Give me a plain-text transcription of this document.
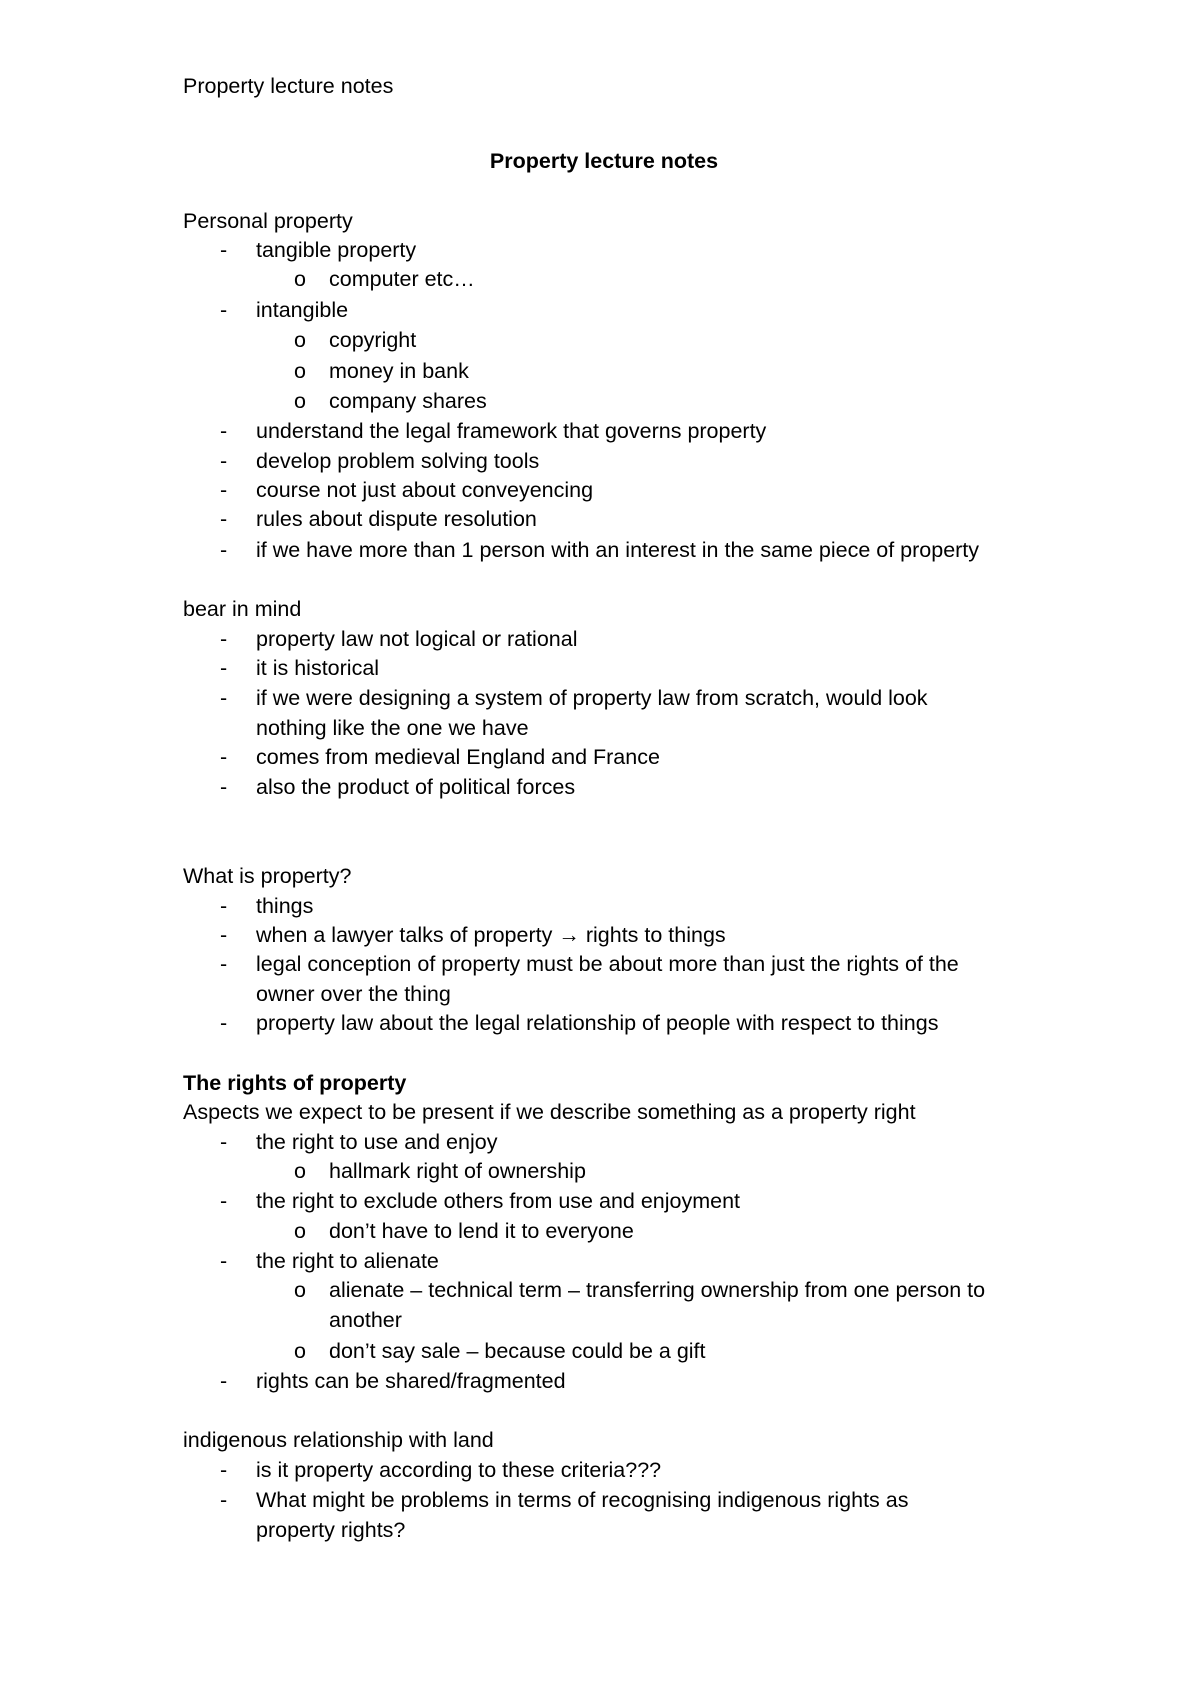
Property lecture notes
Property lecture notes
Personal property
- tangible property
o computer etc…
- intangible
o copyright
o money in bank
o company shares
- understand the legal framework that governs property
- develop problem solving tools
- course not just about conveyencing
- rules about dispute resolution
- if we have more than 1 person with an interest in the same piece of property
bear in mind
- property law not logical or rational
- it is historical
- if we were designing a system of property law from scratch, would look
nothing like the one we have
- comes from medieval England and France
- also the product of political forces
What is property?
- things
- when a lawyer talks of property → rights to things
- legal conception of property must be about more than just the rights of the
owner over the thing
- property law about the legal relationship of people with respect to things
The rights of property
Aspects we expect to be present if we describe something as a property right
- the right to use and enjoy
o hallmark right of ownership
- the right to exclude others from use and enjoyment
o don’t have to lend it to everyone
- the right to alienate
o alienate – technical term – transferring ownership from one person to
another
o don’t say sale – because could be a gift
- rights can be shared/fragmented
indigenous relationship with land
- is it property according to these criteria???
- What might be problems in terms of recognising indigenous rights as
property rights?
